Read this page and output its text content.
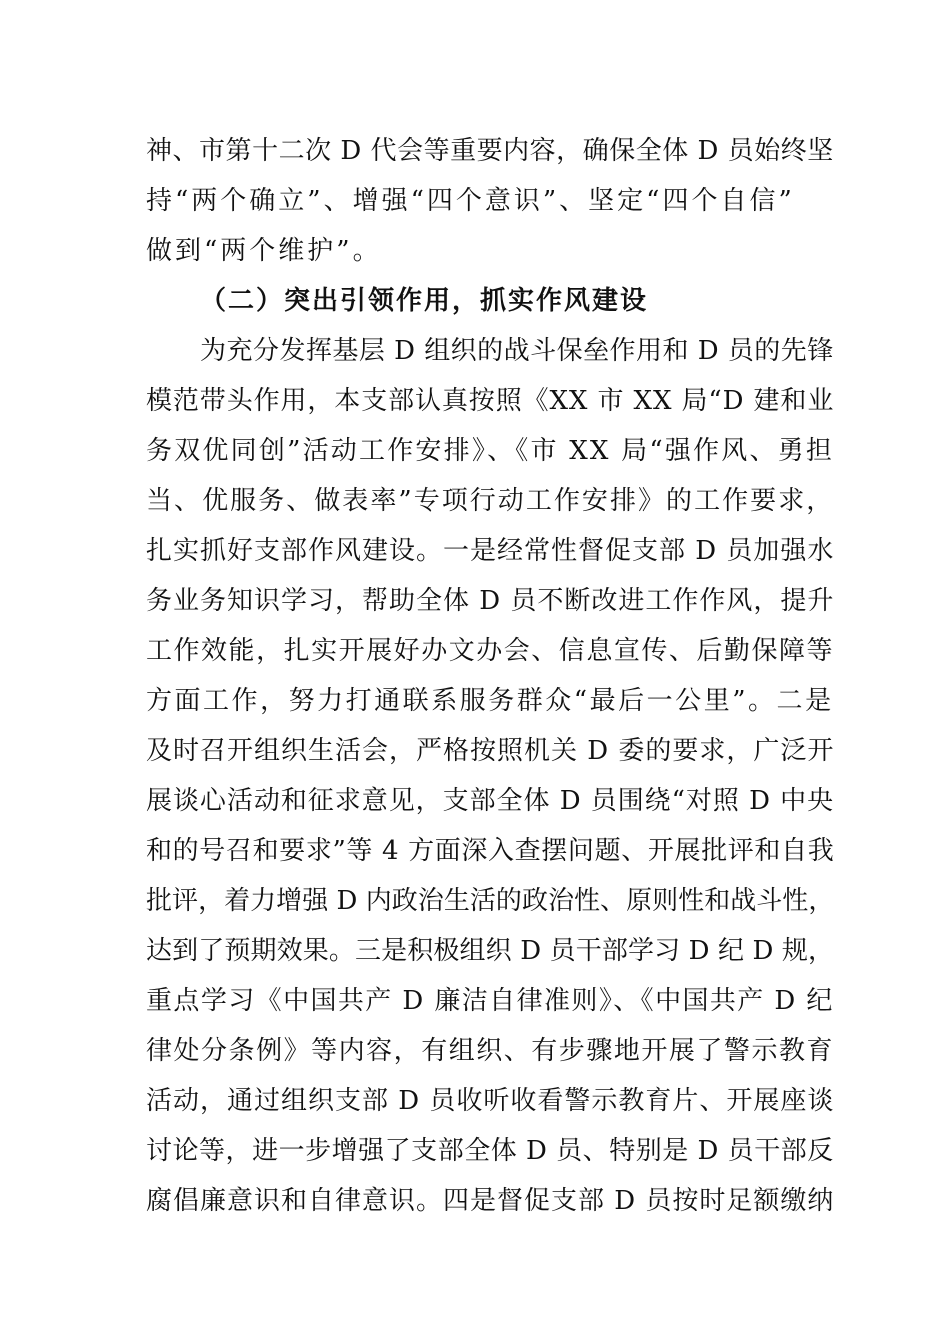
神、市第十二次 D 代会等重要内容，确保全体 D 员始终坚
持“两个确立”、增强“四个意识”、坚定“四个自信”
做到“两个维护”。
（二）突出引领作用，抓实作风建设
为充分发挥基层 D 组织的战斗保垒作用和 D 员的先锋
模范带头作用，本支部认真按照《XX 市 XX 局“D 建和业
务双优同创”活动工作安排》、《市 XX 局“强作风、勇担
当、优服务、做表率”专项行动工作安排》的工作要求，
扎实抓好支部作风建设。一是经常性督促支部 D 员加强水
务业务知识学习，帮助全体 D 员不断改进工作作风，提升
工作效能，扎实开展好办文办会、信息宣传、后勤保障等
方面工作，努力打通联系服务群众“最后一公里”。二是
及时召开组织生活会，严格按照机关 D 委的要求，广泛开
展谈心活动和征求意见，支部全体 D 员围绕“对照 D 中央
和的号召和要求”等 4 方面深入查摆问题、开展批评和自我
批评，着力增强 D 内政治生活的政治性、原则性和战斗性，
达到了预期效果。三是积极组织 D 员干部学习 D 纪 D 规，
重点学习《中国共产 D 廉洁自律准则》、《中国共产 D 纪
律处分条例》等内容，有组织、有步骤地开展了警示教育
活动，通过组织支部 D 员收听收看警示教育片、开展座谈
讨论等，进一步增强了支部全体 D 员、特别是 D 员干部反
腐倡廉意识和自律意识。四是督促支部 D 员按时足额缴纳
